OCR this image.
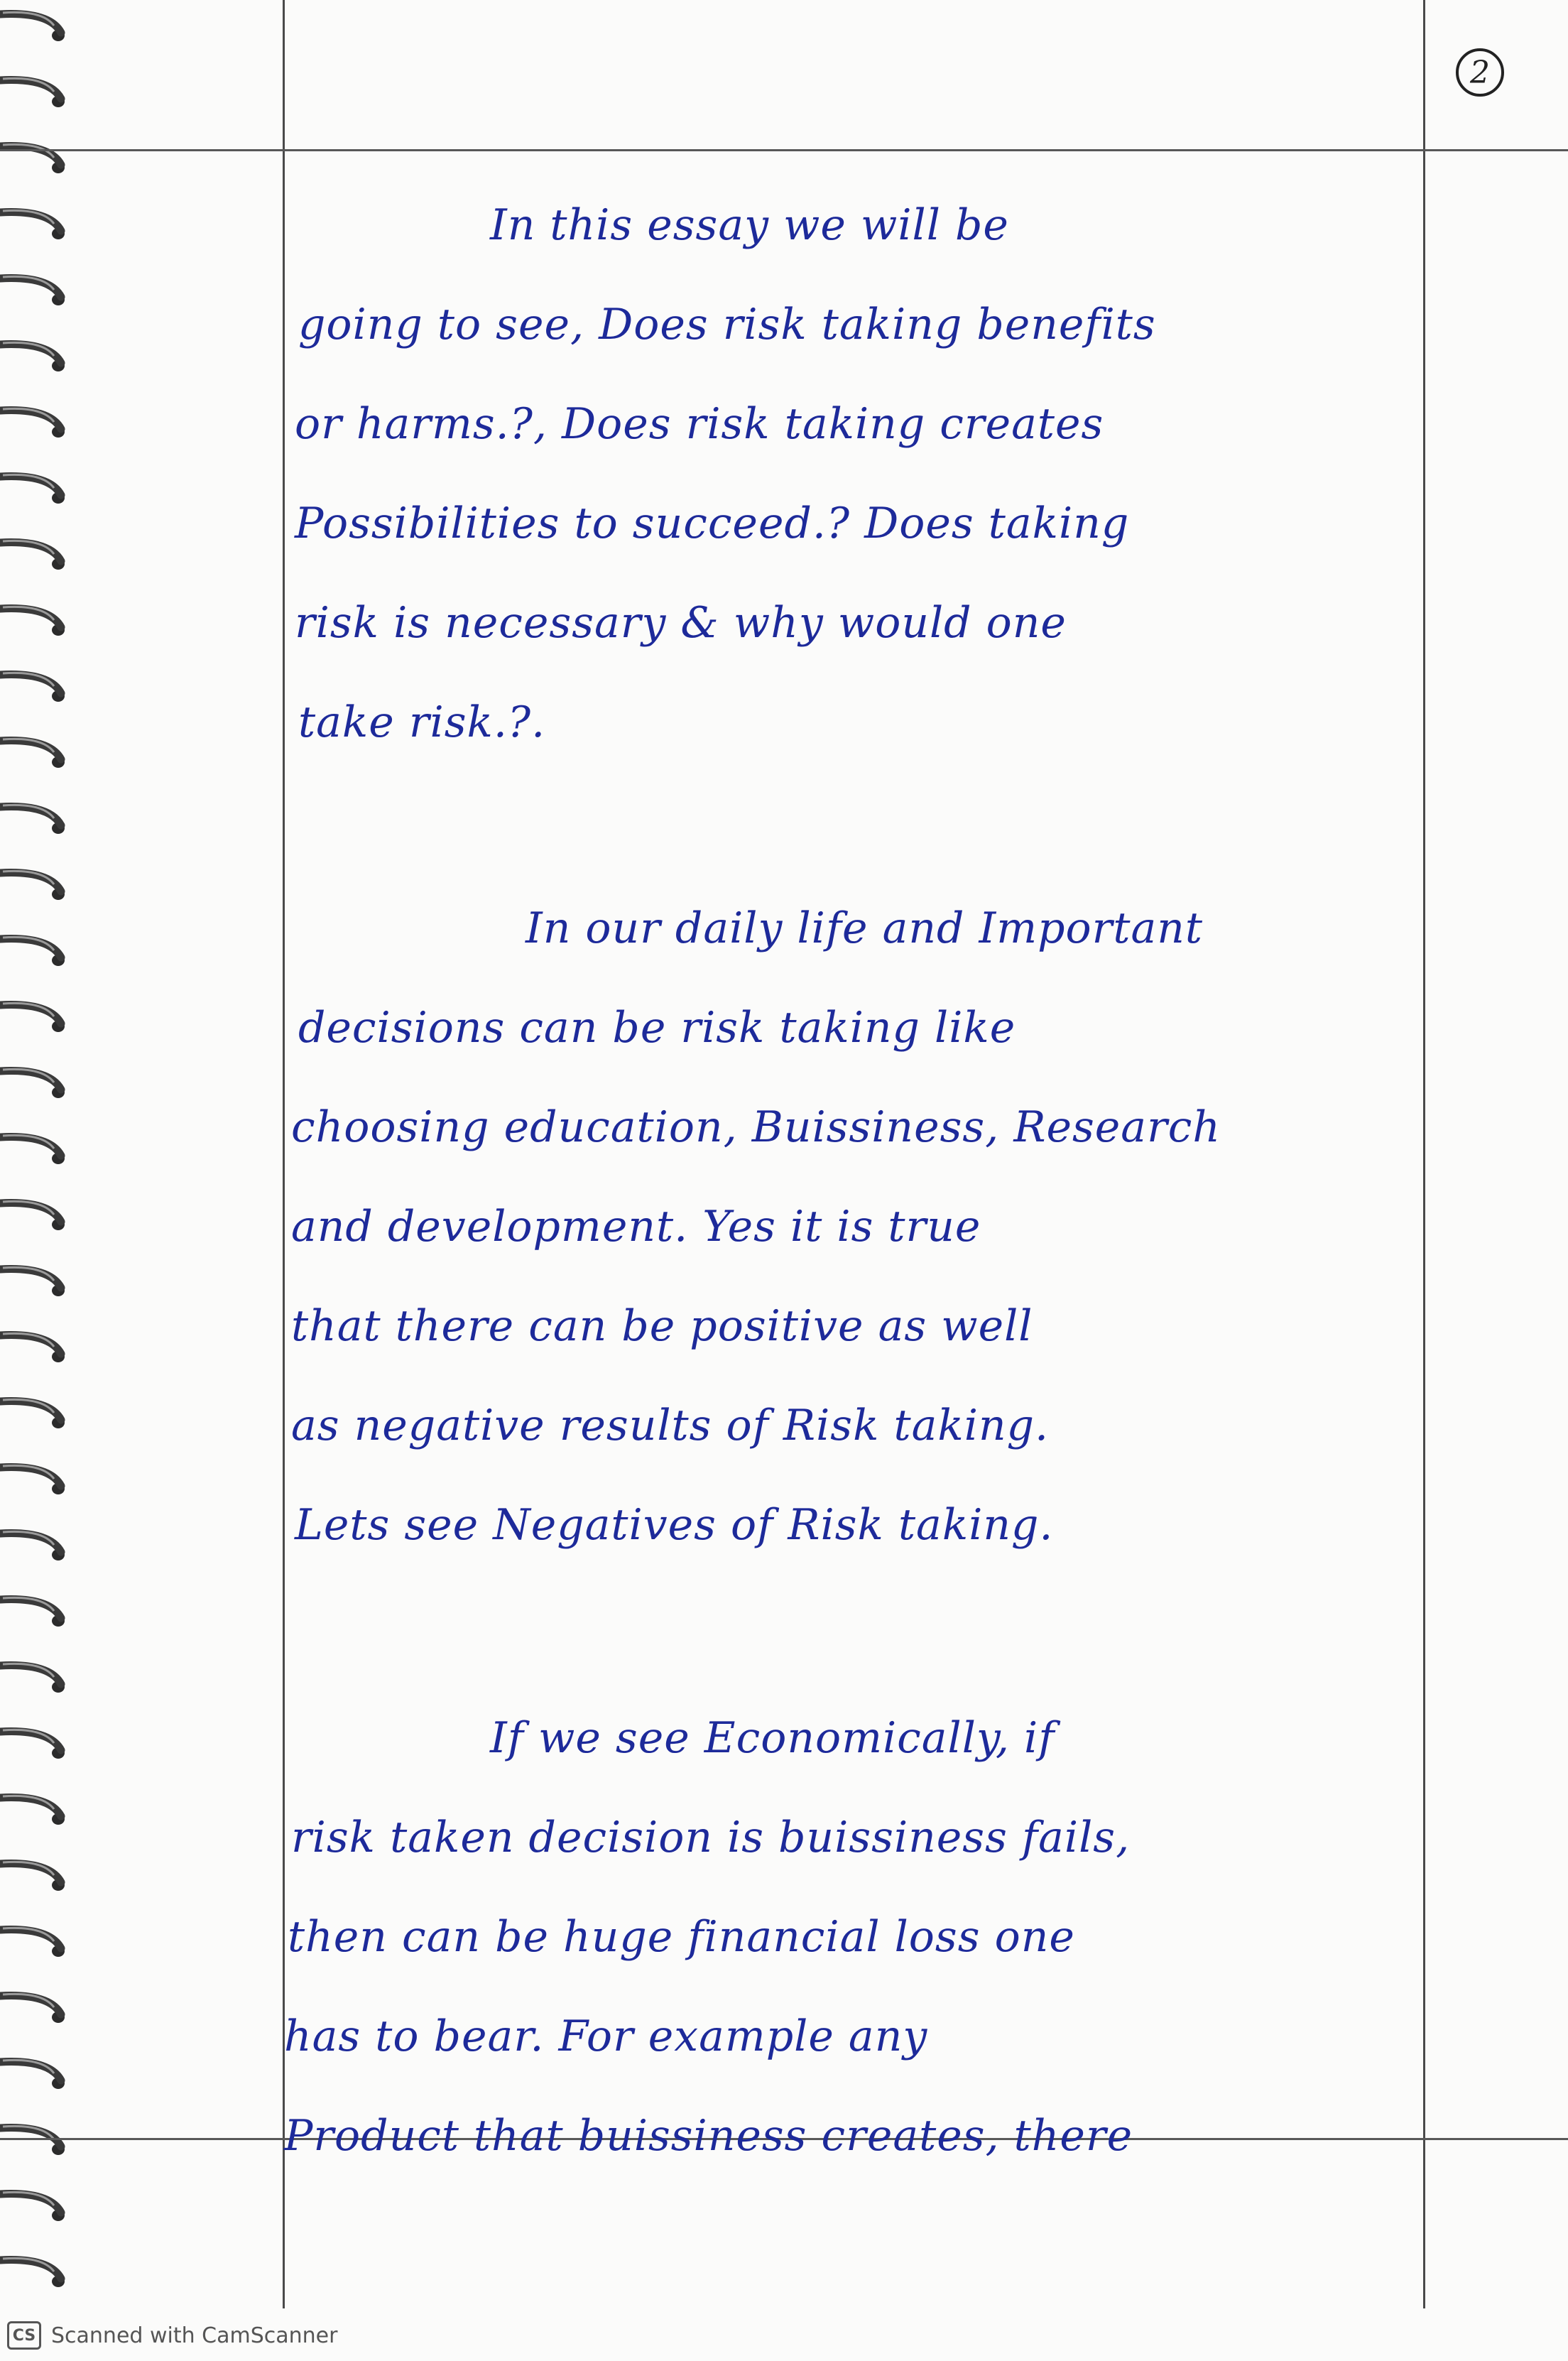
2
In this essay we will be
going to see, Does risk taking benefits
or harms.?, Does risk taking creates
Possibilities to succeed.? Does taking
risk is necessary & why would one
take risk.?.
In our daily life and Important
decisions can be risk taking like
choosing education, Buissiness, Research
and development. Yes it is true
that there can be positive as well
as negative results of Risk taking.
Lets see Negatives of Risk taking.
If we see Economically, if
risk taken decision is buissiness fails,
then can be huge financial loss one
has to bear. For example any
Product that buissiness creates, there
CS Scanned with CamScanner
